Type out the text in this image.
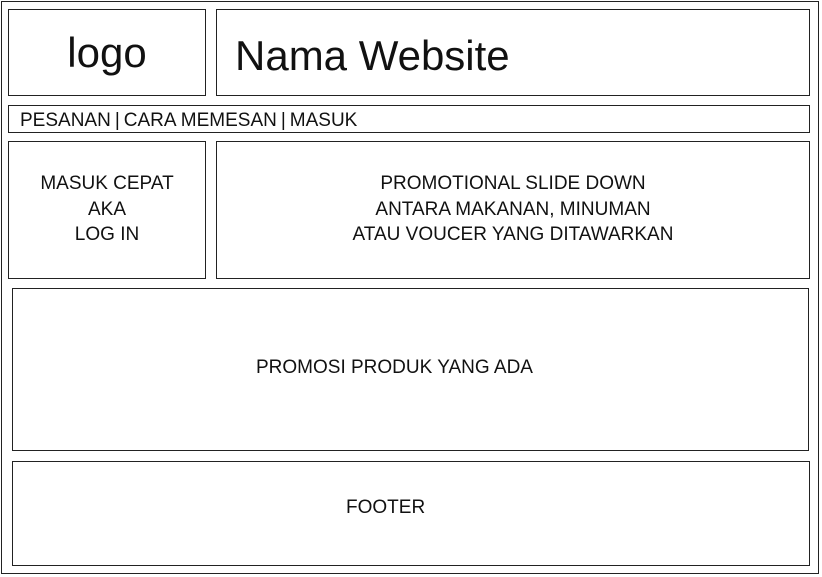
logo Nama Website
PESANAN | CARA MEMESAN | MASUK
MASUK CEPAT
AKA
LOG IN
PROMOTIONAL SLIDE DOWN
ANTARA MAKANAN, MINUMAN
ATAU VOUCER YANG DITAWARKAN
PROMOSI PRODUK YANG ADA
FOOTER
